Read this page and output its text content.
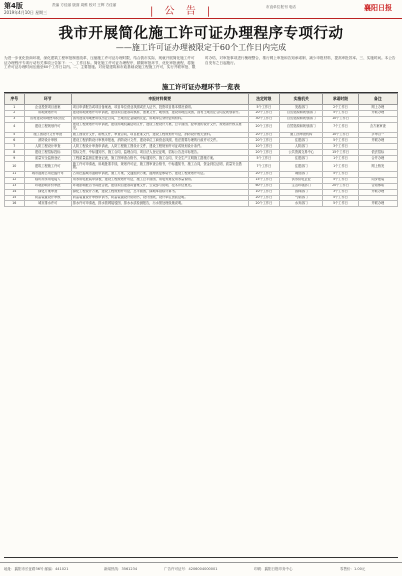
第4版
2019年4月10日 星期三
责编 方佳丽 版面 周维 校对 王辉 方佳丽
| 公 告 |	市直单位报刊 电话	襄阳日报
我市开展简化施工许可证办理程序专项行动
——施工许可证办理被限定于60个工作日内完成
为进一步优化营商环境，深化建筑工程审批制度改革，压缩施工许可证办理时限，结合我市实际，现就开展简化施工许可证办理程序专项行动有关事项公告如下：一、工作目标。简化施工许可证办理程序，精简审批环节，优化审批流程，将施工许可证办理时间压缩至60个工作日以内。二、主要措施。对房屋建筑和市政基础设施工程施工许可，实行并联审批、限时办结，对审批事项进行梳理整合，推行网上审批和告知承诺制，减少申报材料，提高审批效率。三、实施时间。本公告自发布之日起施行。
施工许可证办理环节一览表
序号	环节	申报材料简要	法定时限	实施机关	承诺时限	备注
1	企业投资项目备案	项目申请报告或项目备案表，项目单位营业执照或法人证书，投资项目基本情况说明。	5个工作日	发改部门	2个工作日	网上办理
2	用地规划许可	建设用地规划许可申请表，建设项目批准或核准、备案文件，地形图，建设用地红线图，国有土地出让合同及规划条件。	20个工作日	自然资源和规划部门	5个工作日	并联办理
3	国有建设用地使用权出让	国有建设用地使用权出让合同，土地出让金缴纳凭证，用地单位身份证明材料。	30个工作日	自然资源和规划部门	10个工作日	
4	建设工程规划许可	建设工程规划许可申请表，建设用地权属证明文件，建设工程设计方案，总平面图，经审查的设计文件，规划条件核实意见。	20个工作日	自然资源和规划部门	7个工作日	含方案审查
5	施工图设计文件审查	施工图设计文件，勘察文件，审查合同，项目批准文件，建设工程规划许可证，消防设计相关资料。	20个工作日	施工图审查机构	10个工作日	多审合一
6	消防设计审核	建设工程消防设计审核申报表，消防设计文件，建设单位工商营业执照，依法需要办理的行政许可文件。	20个工作日	住建部门	5个工作日	并联办理
7	人防工程设计审查	人防工程设计审查申请表，人防工程施工图设计文件，建设工程规划许可证或规划设计条件。	10个工作日	人防部门	3个工作日	
8	建设工程招标投标	招标文件，中标通知书，施工合同，监理合同，项目法人登记证明，招标公告及评标报告。	20个工作日	公共资源交易中心	15个工作日	依法招标
9	质量安全监督登记	工程质量监督注册登记表，施工图审查合格书，中标通知书，施工合同，安全生产文明施工措施方案。	5个工作日	住建部门	1个工作日	合并办理
10	建筑工程施工许可	施工许可申请表，用地批准手续，规划许可证，施工图审查合格书，中标通知书，施工合同，资金到位证明，质量安全措施。	7个工作日	住建部门	1个工作日	网上核发
11	城市道路占用挖掘许可	占用挖掘城市道路申请表，施工方案，交通组织方案，道路恢复承诺书，建设工程规划许可证。	20个工作日	城管部门	5个工作日	
12	临时用水用电接入	用水用电报装申请表，建设工程规划许可证，施工总平面图，用电负荷及用水量说明。	15个工作日	供水供电企业	5个工作日	同步报装
13	环境影响评价审批	环境影响报告书或报告表，建设项目批准或备案文件，公众参与说明，技术评估意见。	60个工作日	生态环境部门	20个工作日	告知承诺
14	绿化方案审查	绿化工程设计方案，建设工程规划许可证，总平面图，绿地率指标计算书。	10个工作日	园林部门	3个工作日	并联办理
15	防雷装置设计审核	防雷装置设计审核申请书，防雷装置设计说明书，设计图纸，设计单位资质证明。	20个工作日	气象部门	5个工作日	
16	城市排水许可	排水许可申请表，排水管网接驳图，排水水质检测报告，污水预处理设施说明。	20个工作日	水务部门	5个工作日	并联办理
地址：襄阳市长征路36号 邮编：441021	新闻热线：3561234	广告许可证号：4206004000001	印刷：襄阳日报印务中心	零售价：1.00元
